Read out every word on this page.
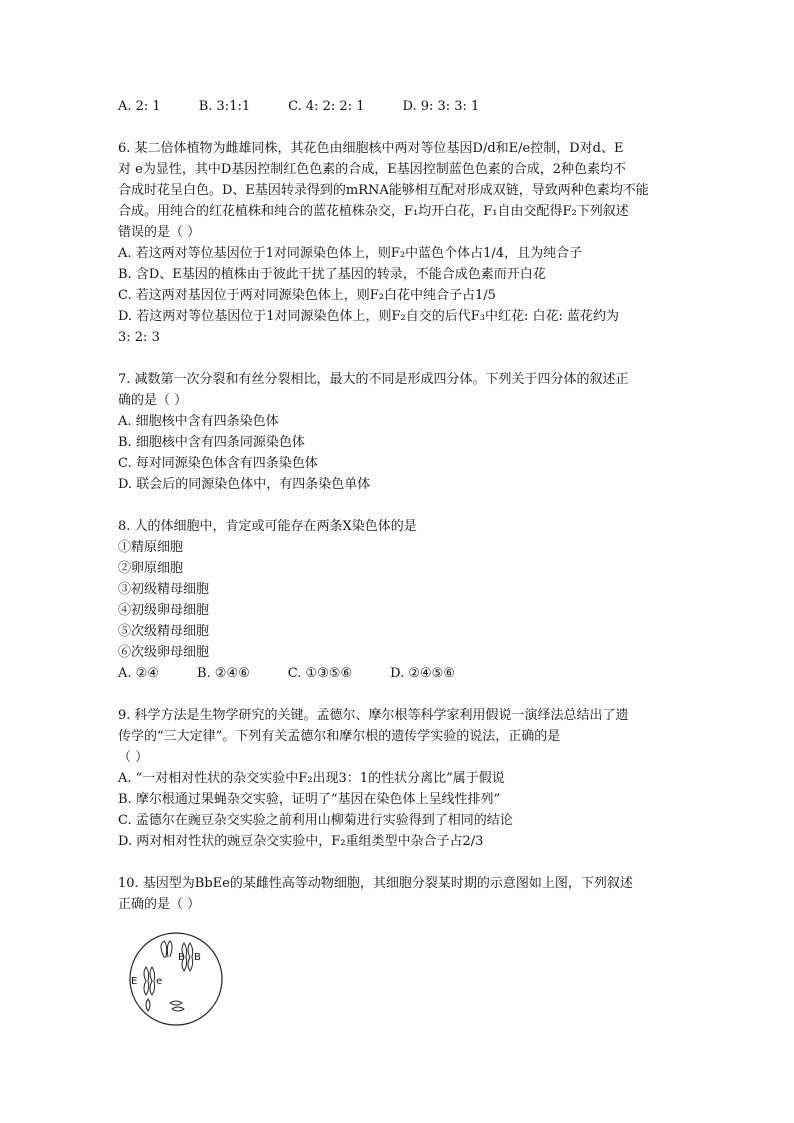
A. 2: 1	B. 3:1:1	C. 4: 2: 2: 1	D. 9: 3: 3: 1
6. 某二倍体植物为雌雄同株，其花色由细胞核中两对等位基因D/d和E/e控制，D对d、E
对 e为显性，其中D基因控制红色色素的合成，E基因控制蓝色色素的合成，2种色素均不
合成时花呈白色。D、E基因转录得到的mRNA能够相互配对形成双链，导致两种色素均不能
合成。用纯合的红花植株和纯合的蓝花植株杂交，F₁均开白花，F₁自由交配得F₂下列叙述
错误的是（ ）
A. 若这两对等位基因位于1对同源染色体上，则F₂中蓝色个体占1/4，且为纯合子
B. 含D、E基因的植株由于彼此干扰了基因的转录，不能合成色素而开白花
C. 若这两对基因位于两对同源染色体上，则F₂白花中纯合子占1/5
D. 若这两对等位基因位于1对同源染色体上，则F₂自交的后代F₃中红花: 白花: 蓝花约为
3: 2: 3
7. 减数第一次分裂和有丝分裂相比，最大的不同是形成四分体。下列关于四分体的叙述正
确的是（ ）
A. 细胞核中含有四条染色体
B. 细胞核中含有四条同源染色体
C. 每对同源染色体含有四条染色体
D. 联会后的同源染色体中，有四条染色单体
8. 人的体细胞中，肯定或可能存在两条X染色体的是
①精原细胞
②卵原细胞
③初级精母细胞
④初级卵母细胞
⑤次级精母细胞
⑥次级卵母细胞
A. ②④	B. ②④⑥	C. ①③⑤⑥	D. ②④⑤⑥
9. 科学方法是生物学研究的关键。孟德尔、摩尔根等科学家利用假说一演绎法总结出了遗
传学的“三大定律”。下列有关孟德尔和摩尔根的遗传学实验的说法，正确的是
（ ）
A. “一对相对性状的杂交实验中F₂出现3：1的性状分离比”属于假说
B. 摩尔根通过果蝇杂交实验，证明了“基因在染色体上呈线性排列”
C. 孟德尔在豌豆杂交实验之前利用山柳菊进行实验得到了相同的结论
D. 两对相对性状的豌豆杂交实验中，F₂重组类型中杂合子占2/3
10. 基因型为BbEe的某雌性高等动物细胞，其细胞分裂某时期的示意图如上图，下列叙述
正确的是（ ）
B B
E e
